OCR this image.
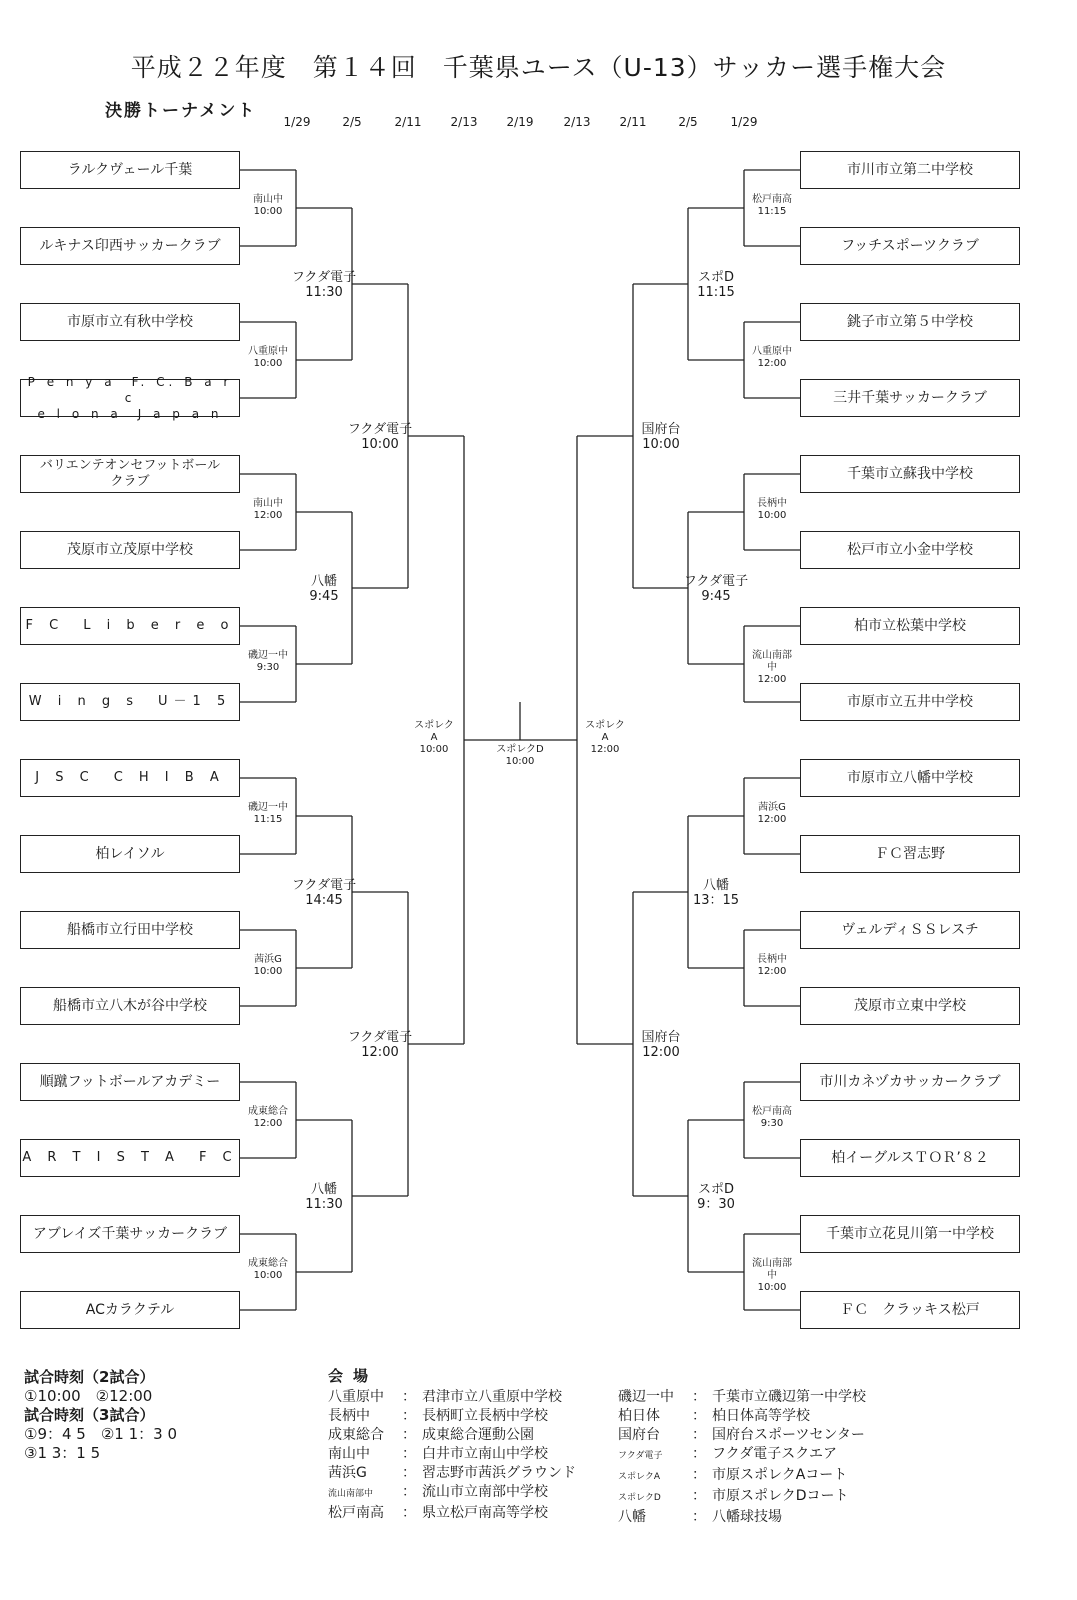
平成２２年度　第１４回　千葉県ユース（U-13）サッカー選手権大会
決勝トーナメント
1/29	2/5	2/11	2/13	2/19	2/13	2/11	2/5	1/29
ラルクヴェール千葉
ルキナス印西サッカークラブ
市原市立有秋中学校
P e n y a　F. C. B a r c
e l o n a　J a p a n
バリエンテオンセフットボール
クラブ
茂原市立茂原中学校
F C　L i b e r e o
W i n g s　U－1 5
J S C　C H I B A
柏レイソル
船橋市立行田中学校
船橋市立八木が谷中学校
順蹴フットボールアカデミー
A R T I S T A　F C
アブレイズ千葉サッカークラブ
ACカラクテル
市川市立第二中学校
フッチスポーツクラブ
銚子市立第５中学校
三井千葉サッカークラブ
千葉市立蘇我中学校
松戸市立小金中学校
柏市立松葉中学校
市原市立五井中学校
市原市立八幡中学校
ＦＣ習志野
ヴェルディＳＳレスチ
茂原市立東中学校
市川カネヅカサッカークラブ
柏イーグルスＴＯＲ’８２
千葉市立花見川第一中学校
ＦＣ　クラッキス松戸
南山中
10:00
八重原中
10:00
南山中
12:00
磯辺一中
9:30
磯辺一中
11:15
茜浜G
10:00
成東総合
12:00
成東総合
10:00
フクダ電子
11:30
八幡
9:45
フクダ電子
14:45
八幡
11:30
フクダ電子
10:00
フクダ電子
12:00
松戸南高
11:15
八重原中
12:00
長柄中
10:00
流山南部
中
12:00
茜浜G
12:00
長柄中
12:00
松戸南高
9:30
流山南部
中
10:00
スポD
11:15
フクダ電子
9:45
八幡
13：15
スポD
9：30
国府台
10:00
国府台
12:00
スポレク
A
10:00
スポレク
A
12:00
スポレクD
10:00
試合時刻（2試合）
①10:00　②12:00
試合時刻（3試合）
①9：4 5　②1 1：3 0
③1 3：1 5
会場
八重原中 ： 君津市立八重原中学校
長柄中 ： 長柄町立長柄中学校
成東総合 ： 成東総合運動公園
南山中 ： 白井市立南山中学校
茜浜G	： 習志野市茜浜グラウンド
流山南部中 ： 流山市立南部中学校
松戸南高 ： 県立松戸南高等学校
磯辺一中 ： 千葉市立磯辺第一中学校
柏日体 ： 柏日体高等学校
国府台 ： 国府台スポーツセンター
フクダ電子 ： フクダ電子スクエア
スポレクA ： 市原スポレクAコート
スポレクD ： 市原スポレクDコート
八幡	： 八幡球技場
